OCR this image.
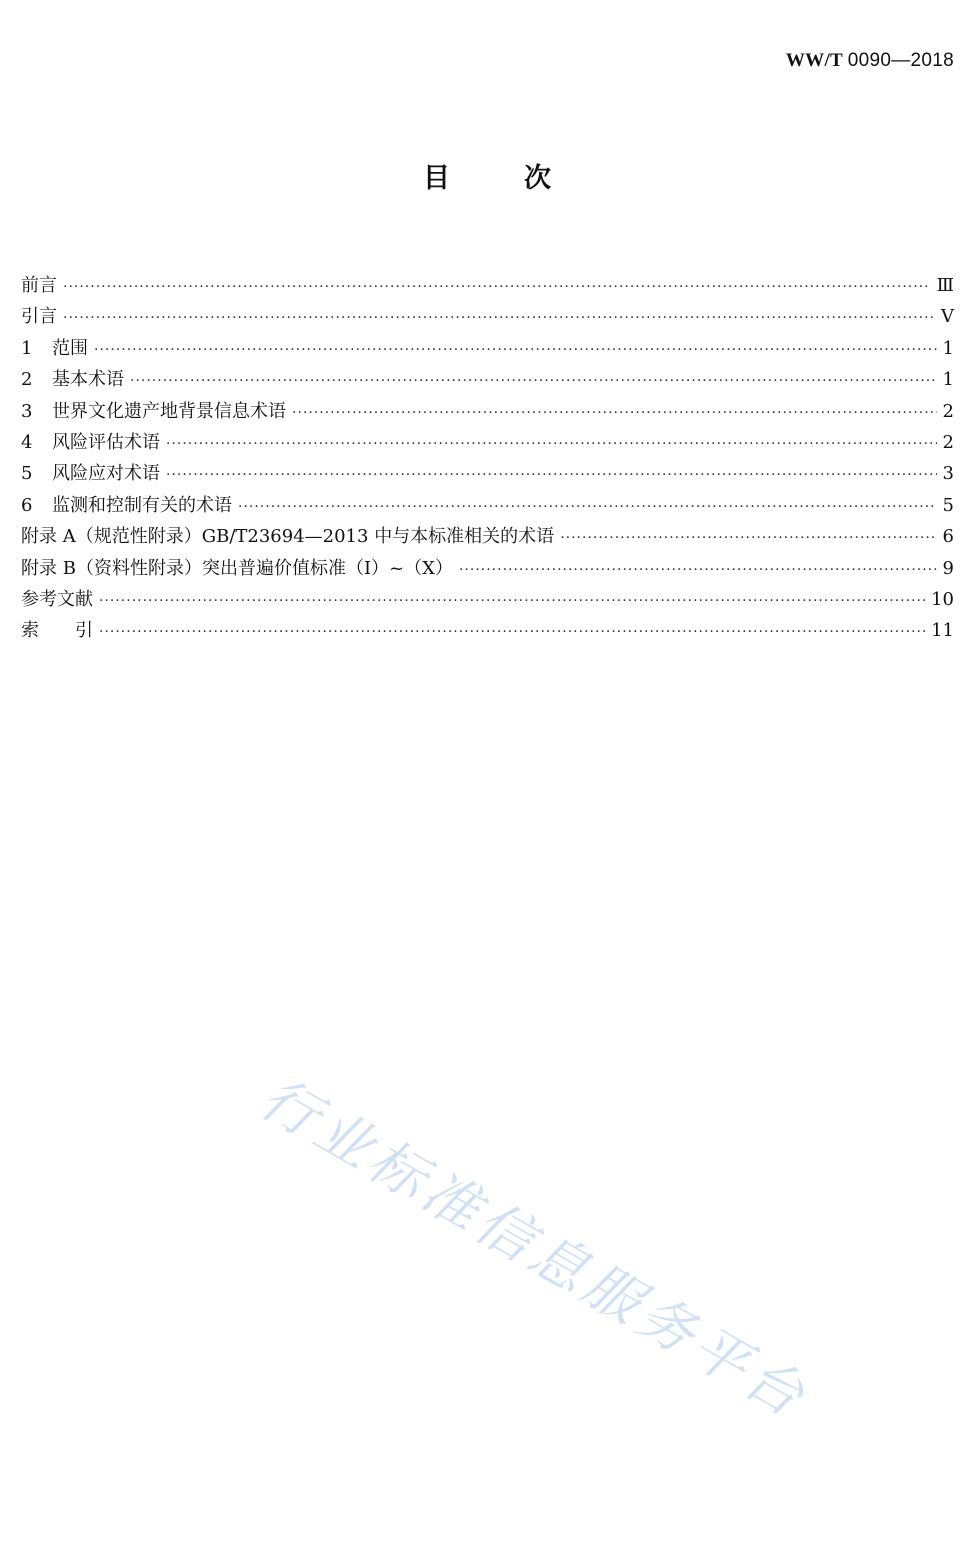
WW/T 0090—2018
目	次
前言 ·····	Ⅲ
引言 ·····	Ⅴ
1 范围 ·····	1
2 基本术语 ·····	1
3 世界文化遗产地背景信息术语 ·····	2
4 风险评估术语 ·····	2
5 风险应对术语 ·····	3
6 监测和控制有关的术语 ·····	5
附录 A（规范性附录）GB/T23694—2013 中与本标准相关的术语 ·····	6
附录 B（资料性附录）突出普遍价值标准（Ⅰ）~（Ⅹ） ·····	9
参考文献 ·····	10
索　　引 ·····	11
行业标准信息服务平台
